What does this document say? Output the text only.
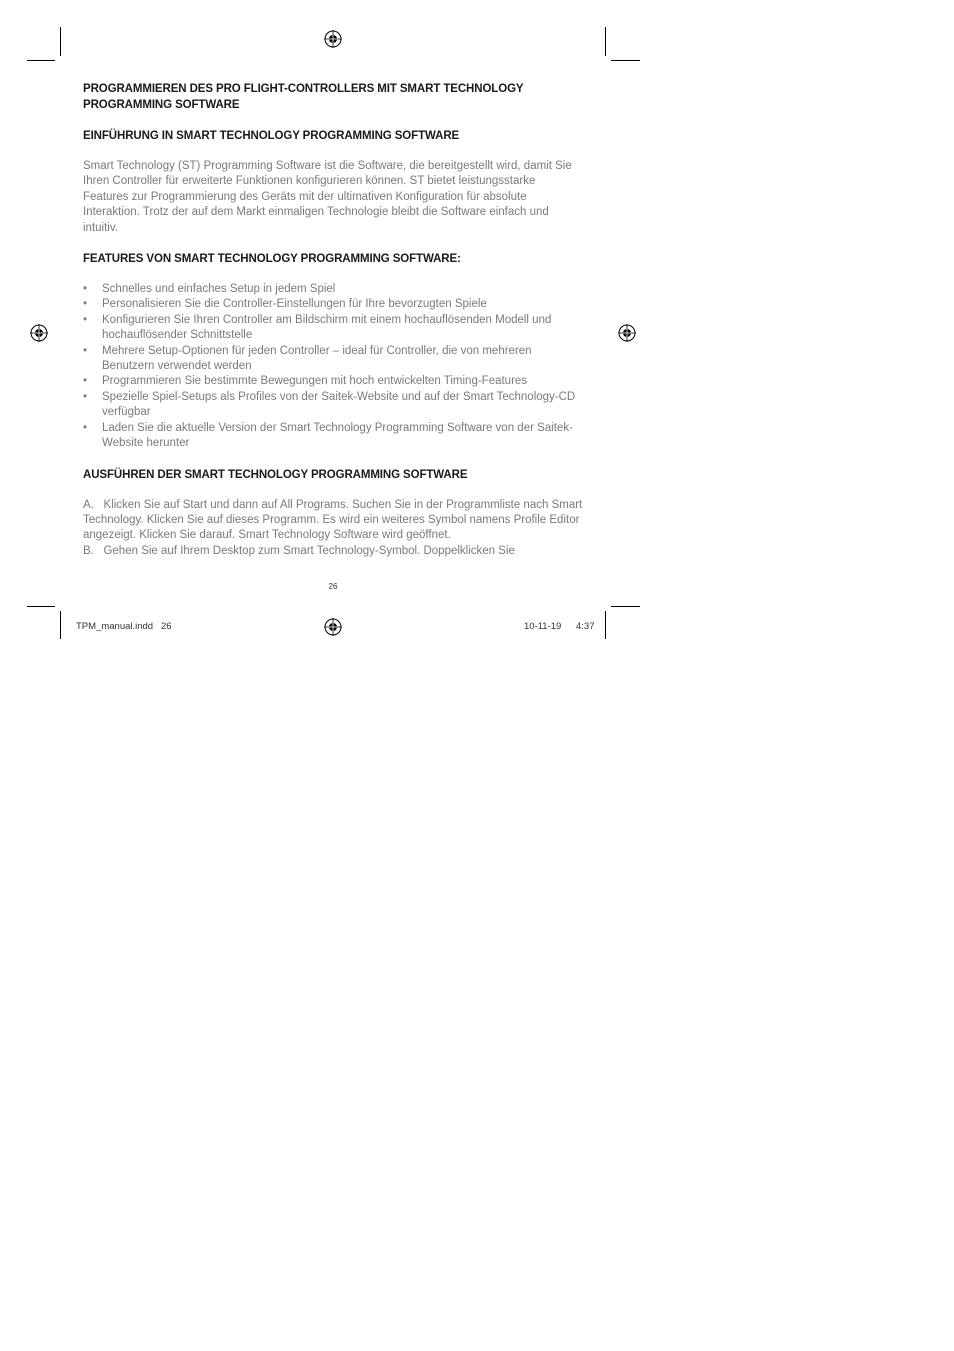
PROGRAMMIEREN DES PRO FLIGHT-CONTROLLERS MIT SMART TECHNOLOGY PROGRAMMING SOFTWARE
EINFÜHRUNG IN SMART TECHNOLOGY PROGRAMMING SOFTWARE

Smart Technology (ST) Programming Software ist die Software, die bereitgestellt wird, damit Sie Ihren Controller für erweiterte Funktionen konfigurieren können. ST bietet leistungsstarke Features zur Programmierung des Geräts mit der ultimativen Konfiguration für absolute Interaktion. Trotz der auf dem Markt einmaligen Technologie bleibt die Software einfach und intuitiv.

FEATURES VON SMART TECHNOLOGY PROGRAMMING SOFTWARE:
• Schnelles und einfaches Setup in jedem Spiel
• Personalisieren Sie die Controller-Einstellungen für Ihre bevorzugten Spiele
• Konfigurieren Sie Ihren Controller am Bildschirm mit einem hochauflösenden Modell und hochauflösender Schnittstelle
• Mehrere Setup-Optionen für jeden Controller – ideal für Controller, die von mehreren Benutzern verwendet werden
• Programmieren Sie bestimmte Bewegungen mit hoch entwickelten Timing-Features
• Spezielle Spiel-Setups als Profiles von der Saitek-Website und auf der Smart Technology-CD verfügbar
• Laden Sie die aktuelle Version der Smart Technology Programming Software von der Saitek-Website herunter
AUSFÜHREN DER SMART TECHNOLOGY PROGRAMMING SOFTWARE

A. Klicken Sie auf Start und dann auf All Programs. Suchen Sie in der Programmliste nach Smart Technology. Klicken Sie auf dieses Programm. Es wird ein weiteres Symbol namens Profile Editor angezeigt. Klicken Sie darauf. Smart Technology Software wird geöffnet.

B. Gehen Sie auf Ihrem Desktop zum Smart Technology-Symbol. Doppelklicken Sie

26
TPM_manual.indd   26	10-11-19 4:37
